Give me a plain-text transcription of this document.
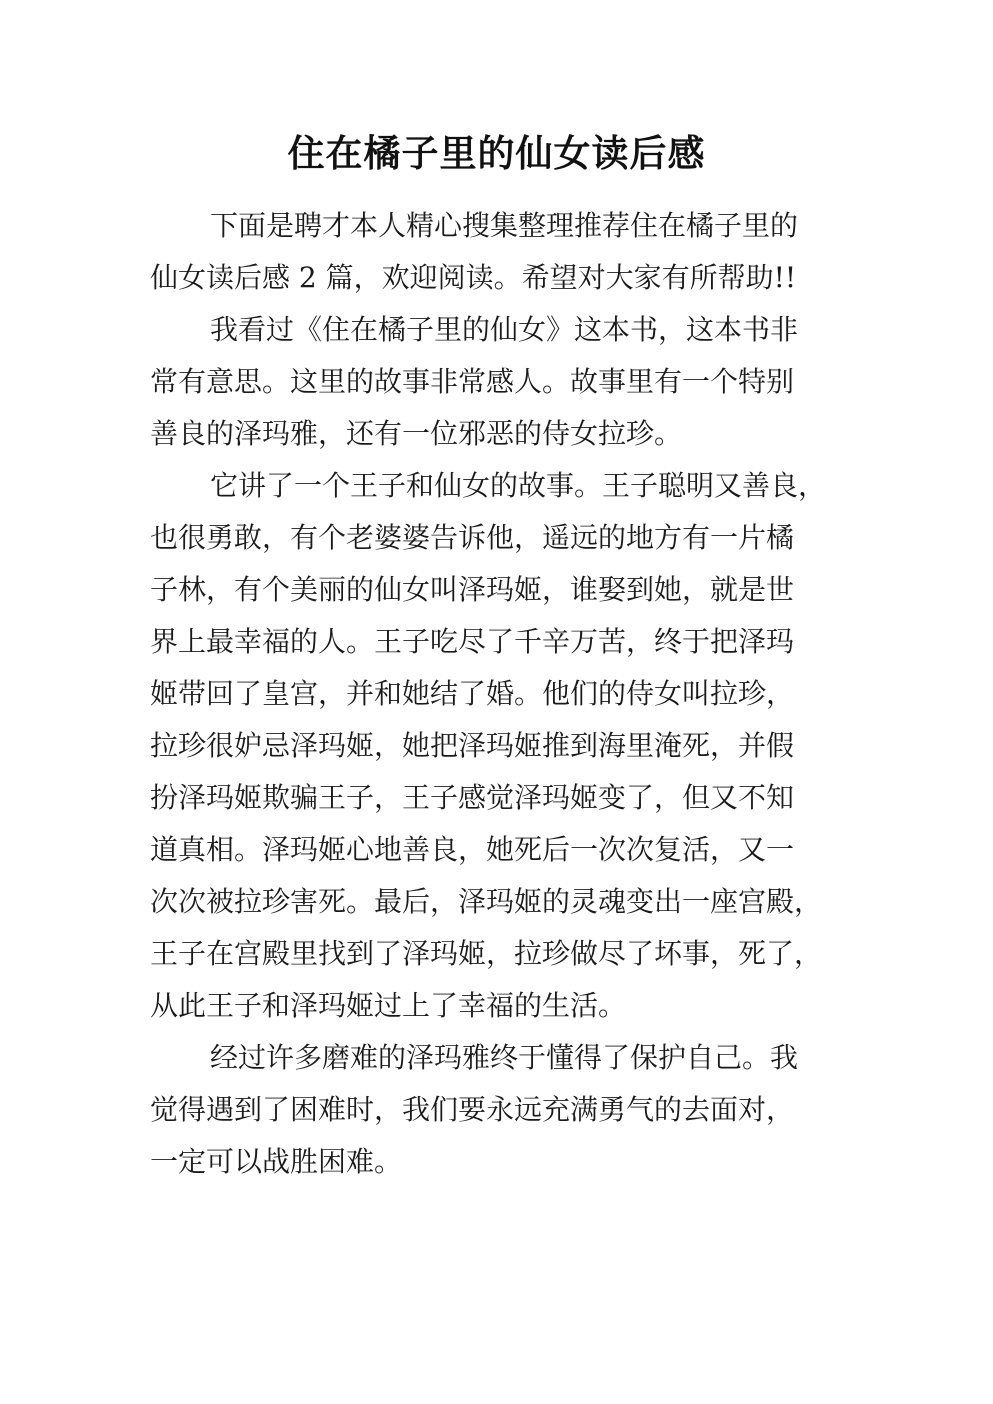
住在橘子里的仙女读后感
下面是聘才本人精心搜集整理推荐住在橘子里的
仙女读后感 2 篇，欢迎阅读。希望对大家有所帮助!!
我看过《住在橘子里的仙女》这本书，这本书非
常有意思。这里的故事非常感人。故事里有一个特别
善良的泽玛雅，还有一位邪恶的侍女拉珍。
它讲了一个王子和仙女的故事。王子聪明又善良，
也很勇敢，有个老婆婆告诉他，遥远的地方有一片橘
子林，有个美丽的仙女叫泽玛姬，谁娶到她，就是世
界上最幸福的人。王子吃尽了千辛万苦，终于把泽玛
姬带回了皇宫，并和她结了婚。他们的侍女叫拉珍，
拉珍很妒忌泽玛姬，她把泽玛姬推到海里淹死，并假
扮泽玛姬欺骗王子，王子感觉泽玛姬变了，但又不知
道真相。泽玛姬心地善良，她死后一次次复活，又一
次次被拉珍害死。最后，泽玛姬的灵魂变出一座宫殿，
王子在宫殿里找到了泽玛姬，拉珍做尽了坏事，死了，
从此王子和泽玛姬过上了幸福的生活。
经过许多磨难的泽玛雅终于懂得了保护自己。我
觉得遇到了困难时，我们要永远充满勇气的去面对，
一定可以战胜困难。
